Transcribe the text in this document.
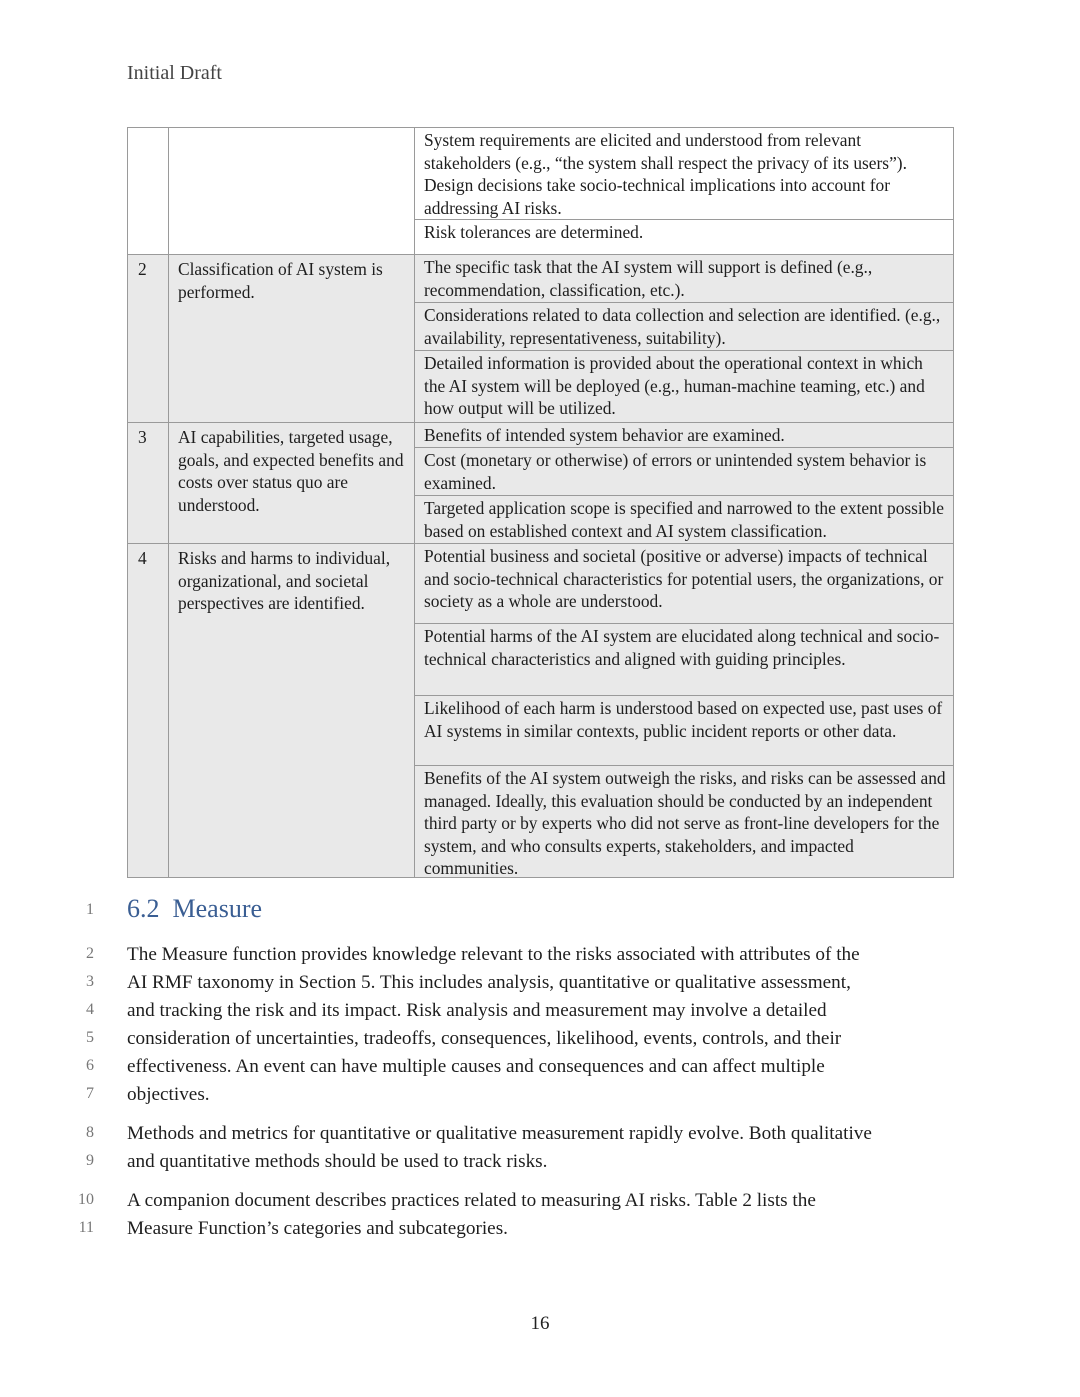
Initial Draft

		System requirements are elicited and understood from relevant stakeholders (e.g., “the system shall respect the privacy of its users”). Design decisions take socio-technical implications into account for addressing AI risks.
Risk tolerances are determined.

2	Classification of AI system is performed.	The specific task that the AI system will support is defined (e.g., recommendation, classification, etc.).
Considerations related to data collection and selection are identified. (e.g., availability, representativeness, suitability).
Detailed information is provided about the operational context in which the AI system will be deployed (e.g., human-machine teaming, etc.) and how output will be utilized.

3	AI capabilities, targeted usage, goals, and expected benefits and costs over status quo are understood.	Benefits of intended system behavior are examined.
Cost (monetary or otherwise) of errors or unintended system behavior is examined.
Targeted application scope is specified and narrowed to the extent possible based on established context and AI system classification.

4	Risks and harms to individual, organizational, and societal perspectives are identified.	Potential business and societal (positive or adverse) impacts of technical and socio-technical characteristics for potential users, the organizations, or society as a whole are understood.
Potential harms of the AI system are elucidated along technical and socio-technical characteristics and aligned with guiding principles.
Likelihood of each harm is understood based on expected use, past uses of AI systems in similar contexts, public incident reports or other data.
Benefits of the AI system outweigh the risks, and risks can be assessed and managed. Ideally, this evaluation should be conducted by an independent third party or by experts who did not serve as front-line developers for the system, and who consults experts, stakeholders, and impacted communities.
1 6.2 Measure
2
3
4
5
6
7
The Measure function provides knowledge relevant to the risks associated with attributes of the
AI RMF taxonomy in Section 5. This includes analysis, quantitative or qualitative assessment,
and tracking the risk and its impact. Risk analysis and measurement may involve a detailed
consideration of uncertainties, tradeoffs, consequences, likelihood, events, controls, and their
effectiveness. An event can have multiple causes and consequences and can affect multiple
objectives.
8
9
Methods and metrics for quantitative or qualitative measurement rapidly evolve. Both qualitative
and quantitative methods should be used to track risks.
10
11
A companion document describes practices related to measuring AI risks. Table 2 lists the
Measure Function’s categories and subcategories.
16
